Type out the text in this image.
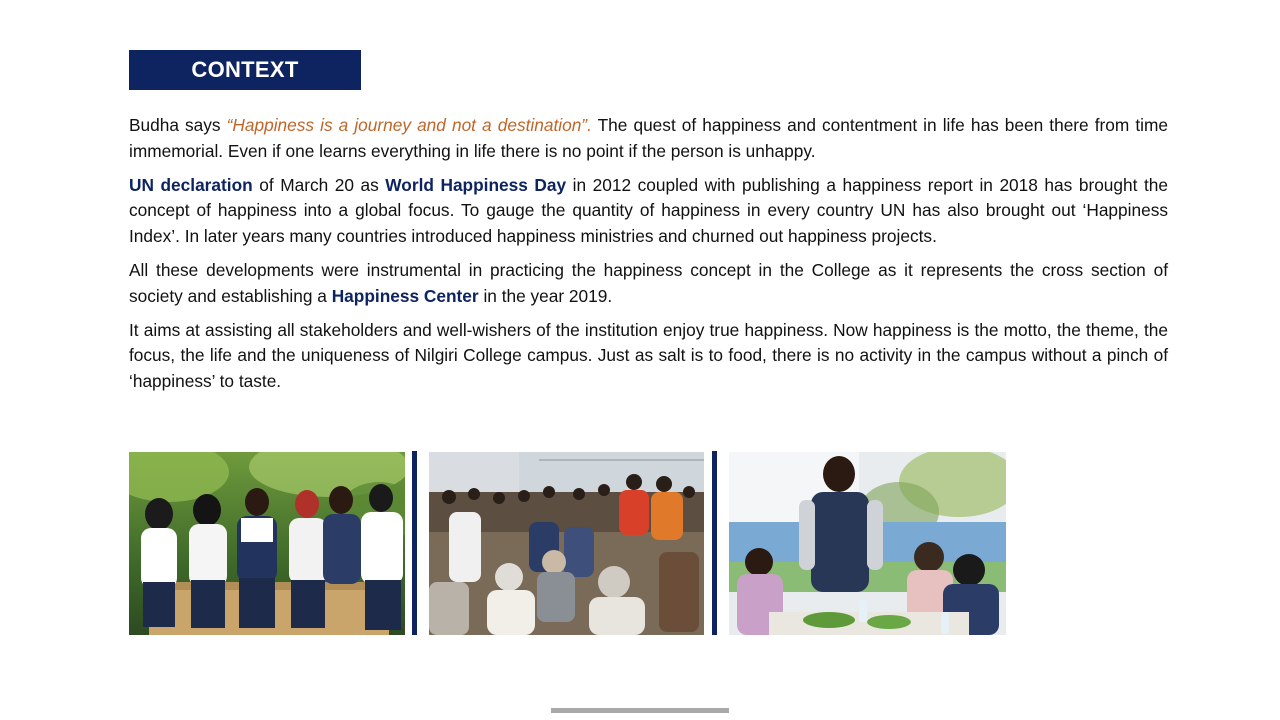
CONTEXT

Budha says “Happiness is a journey and not a destination”. The quest of happiness and contentment in life has been there from time immemorial. Even if one learns everything in life there is no point if the person is unhappy.

UN declaration of March 20 as World Happiness Day in 2012 coupled with publishing a happiness report in 2018 has brought the concept of happiness into a global focus. To gauge the quantity of happiness in every country UN has also brought out ‘Happiness Index’. In later years many countries introduced happiness ministries and churned out happiness projects.

All these developments were instrumental in practicing the happiness concept in the College as it represents the cross section of society and establishing a Happiness Center in the year 2019.

It aims at assisting all stakeholders and well-wishers of the institution enjoy true happiness. Now happiness is the motto, the theme, the focus, the life and the uniqueness of Nilgiri College campus. Just as salt is to food, there is no activity in the campus without a pinch of ‘happiness’ to taste.
